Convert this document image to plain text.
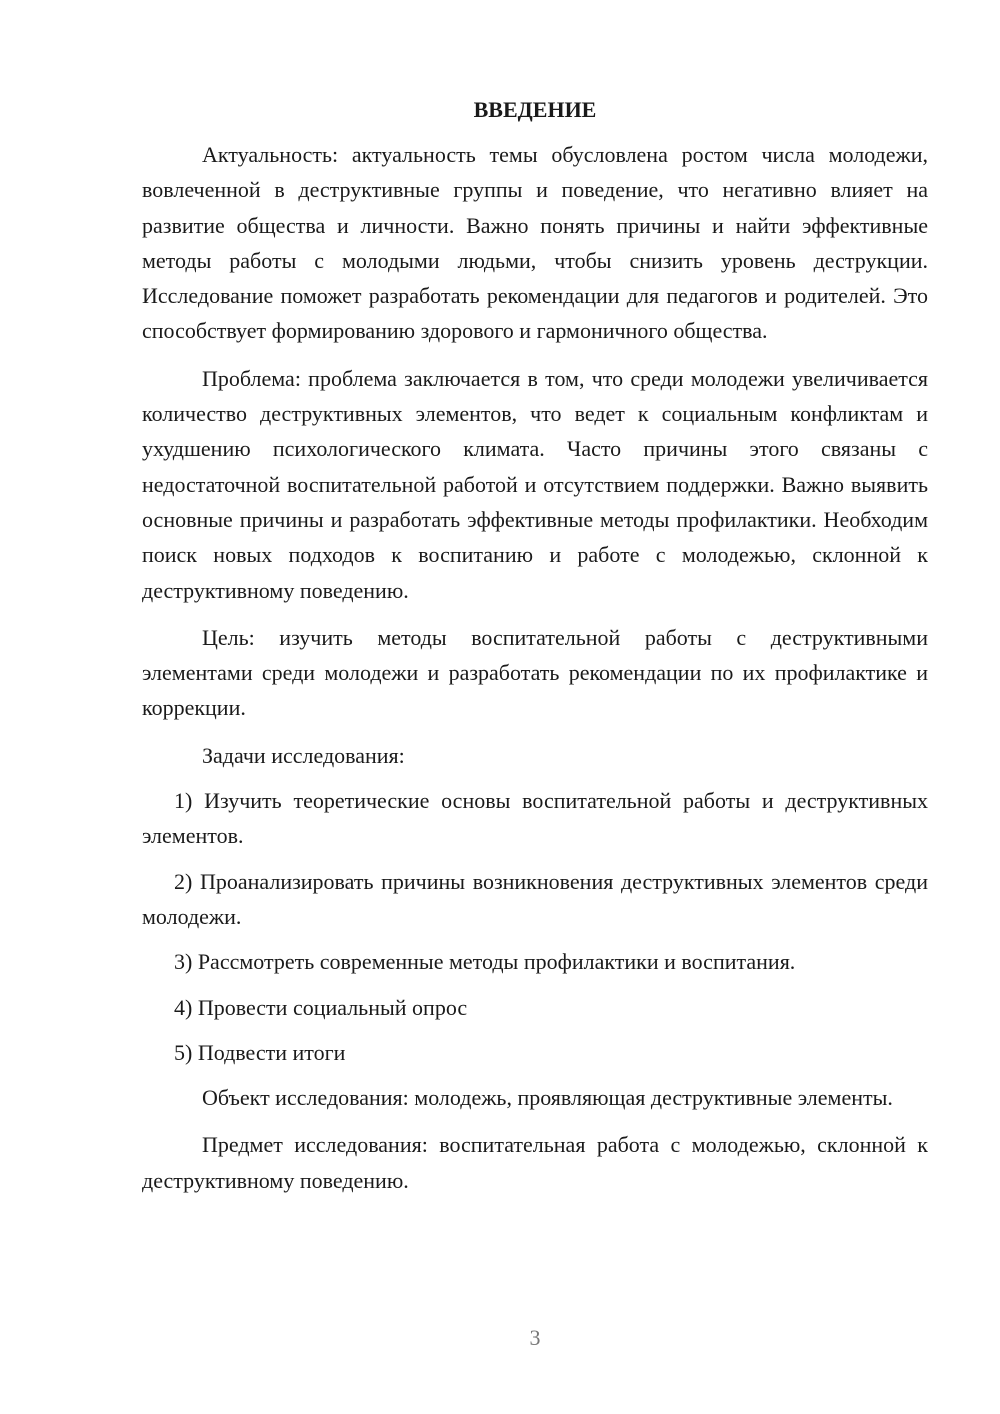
ВВЕДЕНИЕ

Актуальность: актуальность темы обусловлена ростом числа молодежи, вовлеченной в деструктивные группы и поведение, что негативно влияет на развитие общества и личности. Важно понять причины и найти эффективные методы работы с молодыми людьми, чтобы снизить уровень деструкции. Исследование поможет разработать рекомендации для педагогов и родителей. Это способствует формированию здорового и гармоничного общества.

Проблема: проблема заключается в том, что среди молодежи увеличивается количество деструктивных элементов, что ведет к социальным конфликтам и ухудшению психологического климата. Часто причины этого связаны с недостаточной воспитательной работой и отсутствием поддержки. Важно выявить основные причины и разработать эффективные методы профилактики. Необходим поиск новых подходов к воспитанию и работе с молодежью, склонной к деструктивному поведению.

Цель: изучить методы воспитательной работы с деструктивными элементами среди молодежи и разработать рекомендации по их профилактике и коррекции.

Задачи исследования:

1) Изучить теоретические основы воспитательной работы и деструктивных элементов.

2) Проанализировать причины возникновения деструктивных элементов среди молодежи.

3) Рассмотреть современные методы профилактики и воспитания.

4) Провести социальный опрос

5) Подвести итоги

Объект исследования: молодежь, проявляющая деструктивные элементы.

Предмет исследования: воспитательная работа с молодежью, склонной к деструктивному поведению.

3
